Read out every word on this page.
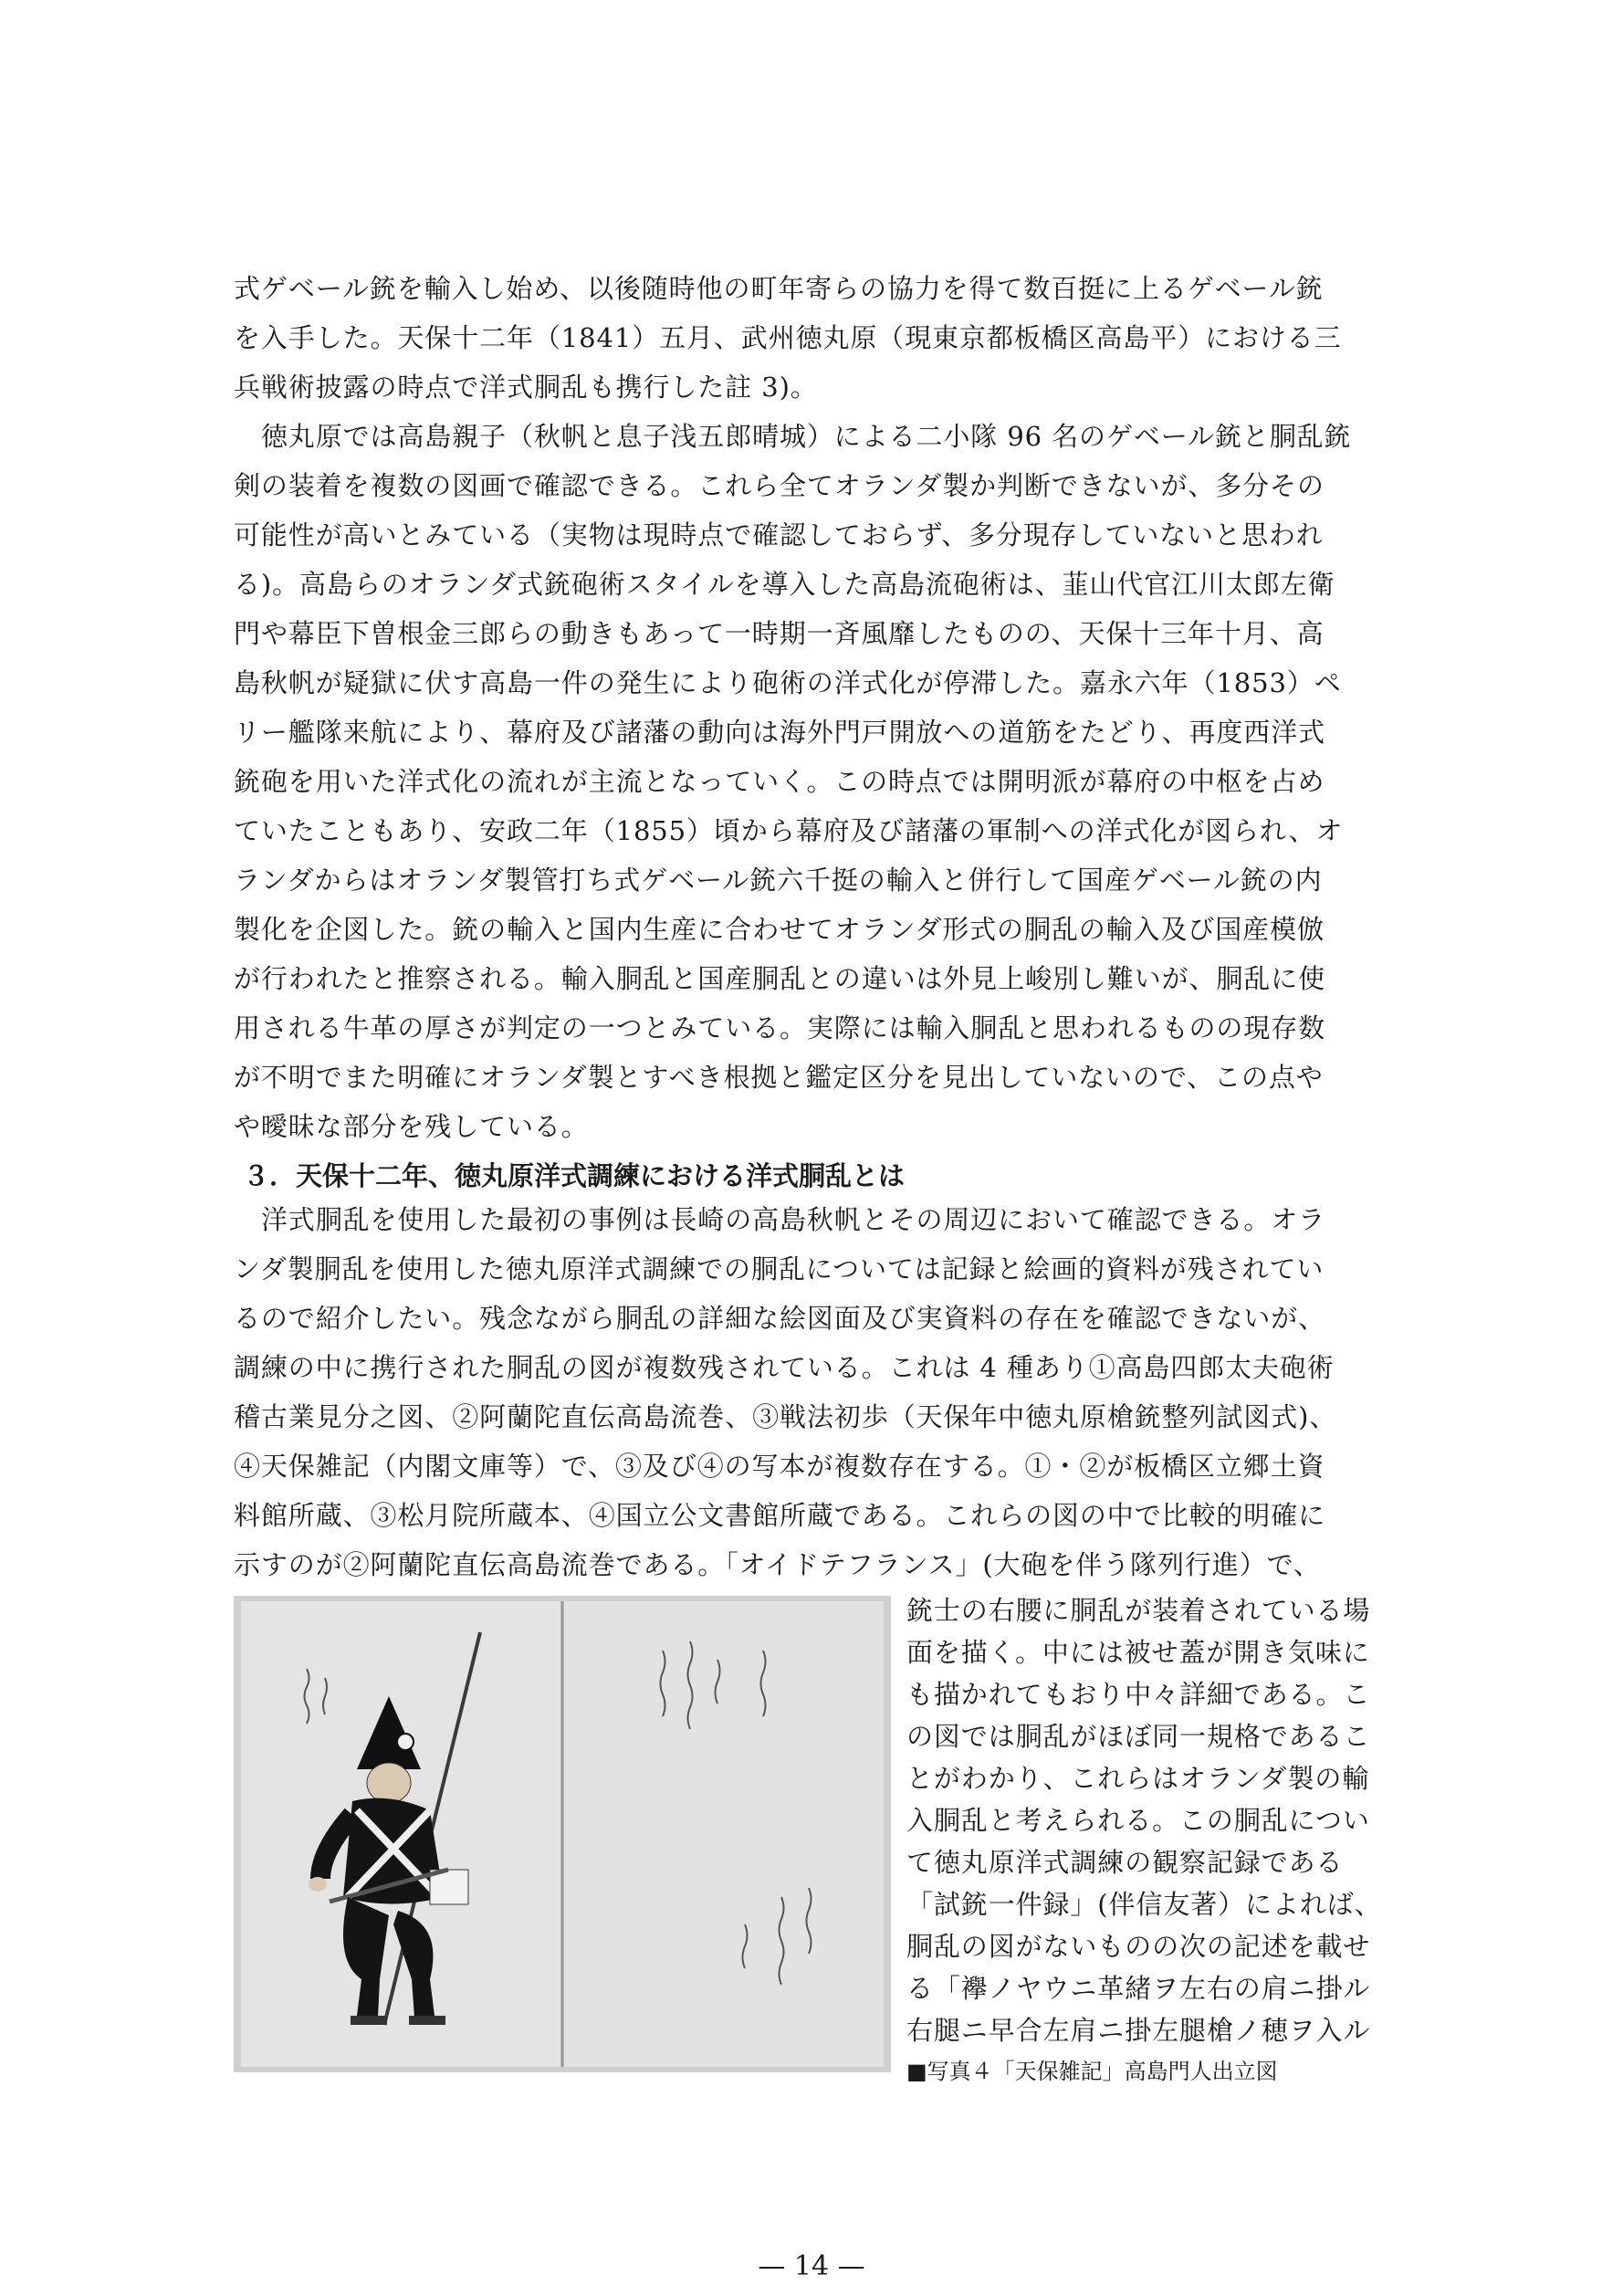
式ゲベール銃を輸入し始め、以後随時他の町年寄らの協力を得て数百挺に上るゲベール銃
を入手した。天保十二年（1841）五月、武州徳丸原（現東京都板橋区高島平）における三
兵戦術披露の時点で洋式胴乱も携行した註 3)。
　徳丸原では高島親子（秋帆と息子浅五郎晴城）による二小隊 96 名のゲベール銃と胴乱銃
剣の装着を複数の図画で確認できる。これら全てオランダ製か判断できないが、多分その
可能性が高いとみている（実物は現時点で確認しておらず、多分現存していないと思われ
る)。高島らのオランダ式銃砲術スタイルを導入した高島流砲術は、韮山代官江川太郎左衛
門や幕臣下曽根金三郎らの動きもあって一時期一斉風靡したものの、天保十三年十月、高
島秋帆が疑獄に伏す高島一件の発生により砲術の洋式化が停滞した。嘉永六年（1853）ペ
リー艦隊来航により、幕府及び諸藩の動向は海外門戸開放への道筋をたどり、再度西洋式
銃砲を用いた洋式化の流れが主流となっていく。この時点では開明派が幕府の中枢を占め
ていたこともあり、安政二年（1855）頃から幕府及び諸藩の軍制への洋式化が図られ、オ
ランダからはオランダ製管打ち式ゲベール銃六千挺の輸入と併行して国産ゲベール銃の内
製化を企図した。銃の輸入と国内生産に合わせてオランダ形式の胴乱の輸入及び国産模倣
が行われたと推察される。輸入胴乱と国産胴乱との違いは外見上峻別し難いが、胴乱に使
用される牛革の厚さが判定の一つとみている。実際には輸入胴乱と思われるものの現存数
が不明でまた明確にオランダ製とすべき根拠と鑑定区分を見出していないので、この点や
や曖昧な部分を残している。
３．天保十二年、徳丸原洋式調練における洋式胴乱とは
　洋式胴乱を使用した最初の事例は長崎の高島秋帆とその周辺において確認できる。オラ
ンダ製胴乱を使用した徳丸原洋式調練での胴乱については記録と絵画的資料が残されてい
るので紹介したい。残念ながら胴乱の詳細な絵図面及び実資料の存在を確認できないが、
調練の中に携行された胴乱の図が複数残されている。これは 4 種あり①高島四郎太夫砲術
稽古業見分之図、②阿蘭陀直伝高島流巻、③戦法初歩（天保年中徳丸原槍銃整列試図式)、
④天保雑記（内閣文庫等）で、③及び④の写本が複数存在する。①・②が板橋区立郷土資
料館所蔵、③松月院所蔵本、④国立公文書館所蔵である。これらの図の中で比較的明確に
示すのが②阿蘭陀直伝高島流巻である。「オイドテフランス」(大砲を伴う隊列行進）で、
銃士の右腰に胴乱が装着されている場
面を描く。中には被せ蓋が開き気味に
も描かれてもおり中々詳細である。こ
の図では胴乱がほぼ同一規格であるこ
とがわかり、これらはオランダ製の輸
入胴乱と考えられる。この胴乱につい
て徳丸原洋式調練の観察記録である
「試銃一件録」(伴信友著）によれば、
胴乱の図がないものの次の記述を載せ
る「襷ノヤウニ革緒ヲ左右の肩ニ掛ル
右腿ニ早合左肩ニ掛左腿槍ノ穂ヲ入ル
■写真４「天保雑記」高島門人出立図
— 14 —
